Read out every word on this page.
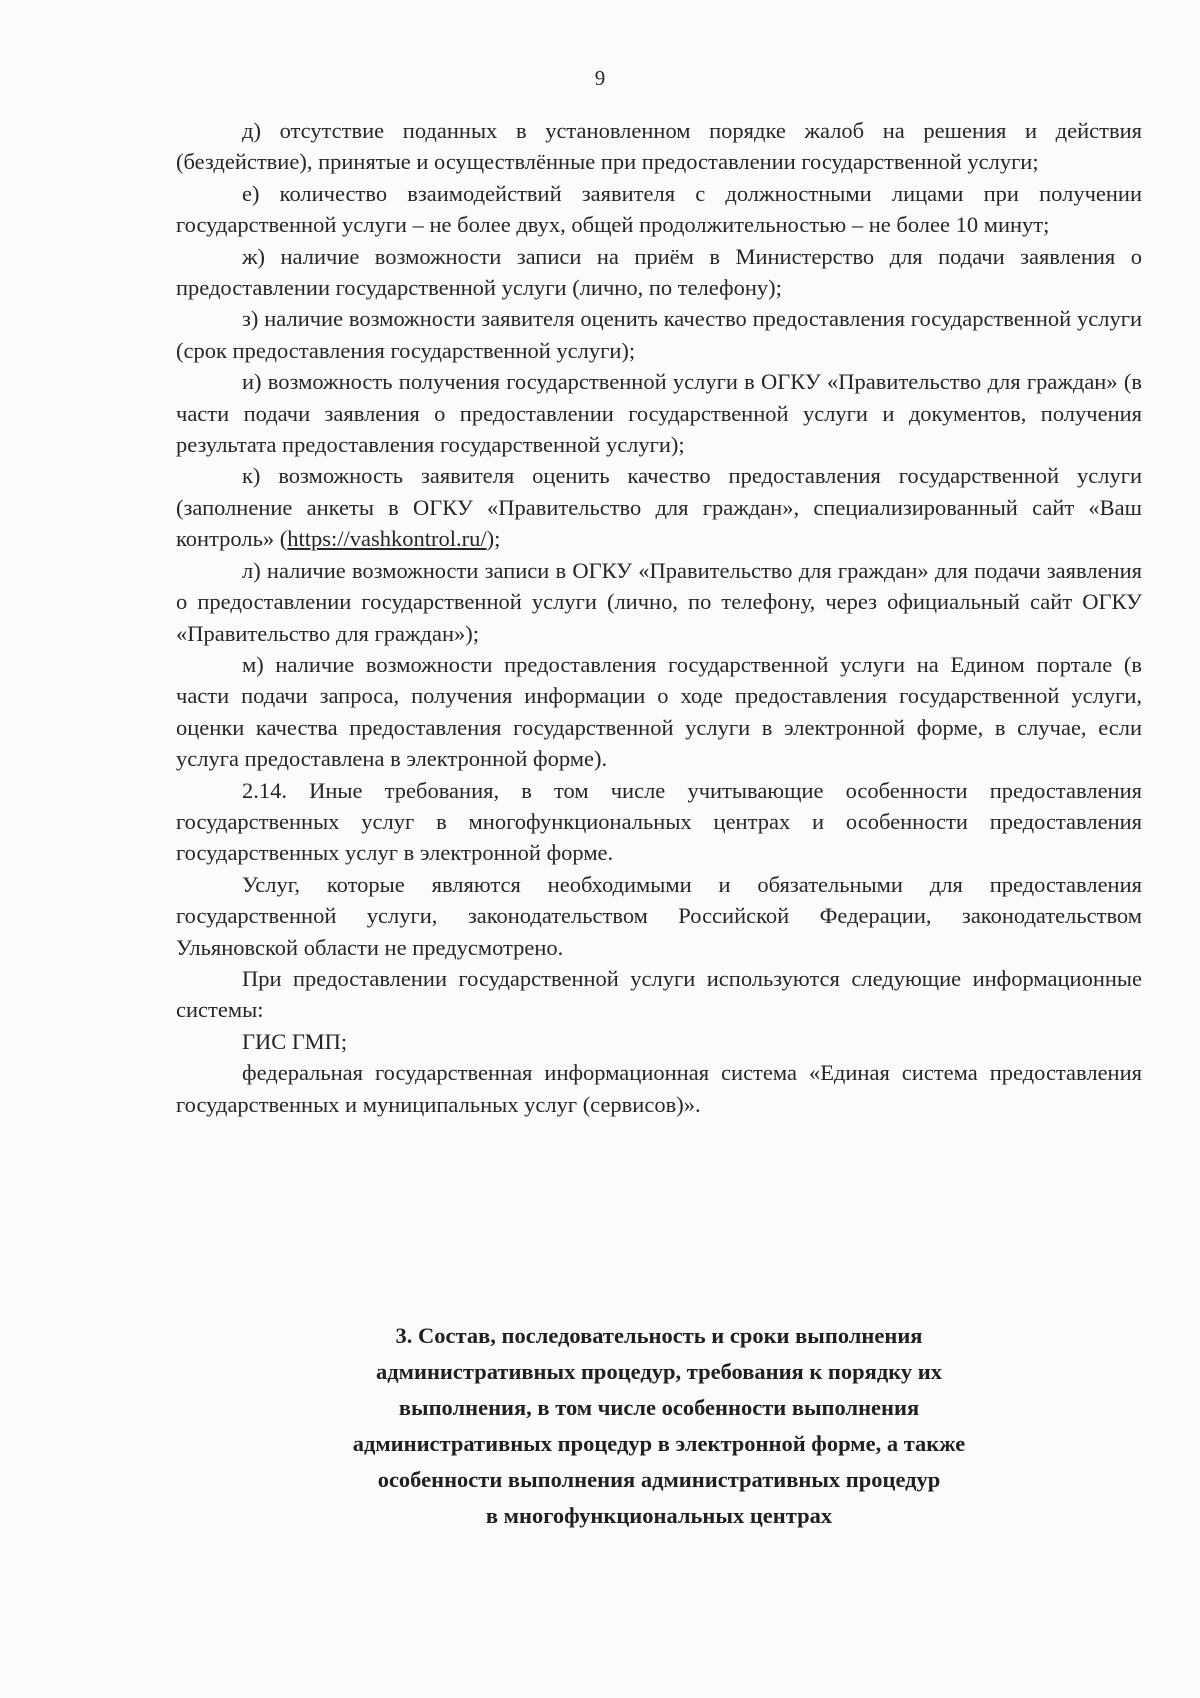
9

д) отсутствие поданных в установленном порядке жалоб на решения и действия (бездействие), принятые и осуществлённые при предоставлении государственной услуги;

е) количество взаимодействий заявителя с должностными лицами при получении государственной услуги – не более двух, общей продолжительностью – не более 10 минут;

ж) наличие возможности записи на приём в Министерство для подачи заявления о предоставлении государственной услуги (лично, по телефону);

з) наличие возможности заявителя оценить качество предоставления государственной услуги (срок предоставления государственной услуги);

и) возможность получения государственной услуги в ОГКУ «Правительство для граждан» (в части подачи заявления о предоставлении государственной услуги и документов, получения результата предоставления государственной услуги);

к) возможность заявителя оценить качество предоставления государственной услуги (заполнение анкеты в ОГКУ «Правительство для граждан», специализированный сайт «Ваш контроль» (https://vashkontrol.ru/);

л) наличие возможности записи в ОГКУ «Правительство для граждан» для подачи заявления о предоставлении государственной услуги (лично, по телефону, через официальный сайт ОГКУ «Правительство для граждан»);

м) наличие возможности предоставления государственной услуги на Едином портале (в части подачи запроса, получения информации о ходе предоставления государственной услуги, оценки качества предоставления государственной услуги в электронной форме, в случае, если услуга предоставлена в электронной форме).

2.14. Иные требования, в том числе учитывающие особенности предоставления государственных услуг в многофункциональных центрах и особенности предоставления государственных услуг в электронной форме.

Услуг, которые являются необходимыми и обязательными для предоставления государственной услуги, законодательством Российской Федерации, законодательством Ульяновской области не предусмотрено.

При предоставлении государственной услуги используются следующие информационные системы:

ГИС ГМП;

федеральная государственная информационная система «Единая система предоставления государственных и муниципальных услуг (сервисов)».

3. Состав, последовательность и сроки выполнения
административных процедур, требования к порядку их
выполнения, в том числе особенности выполнения
административных процедур в электронной форме, а также
особенности выполнения административных процедур
в многофункциональных центрах
